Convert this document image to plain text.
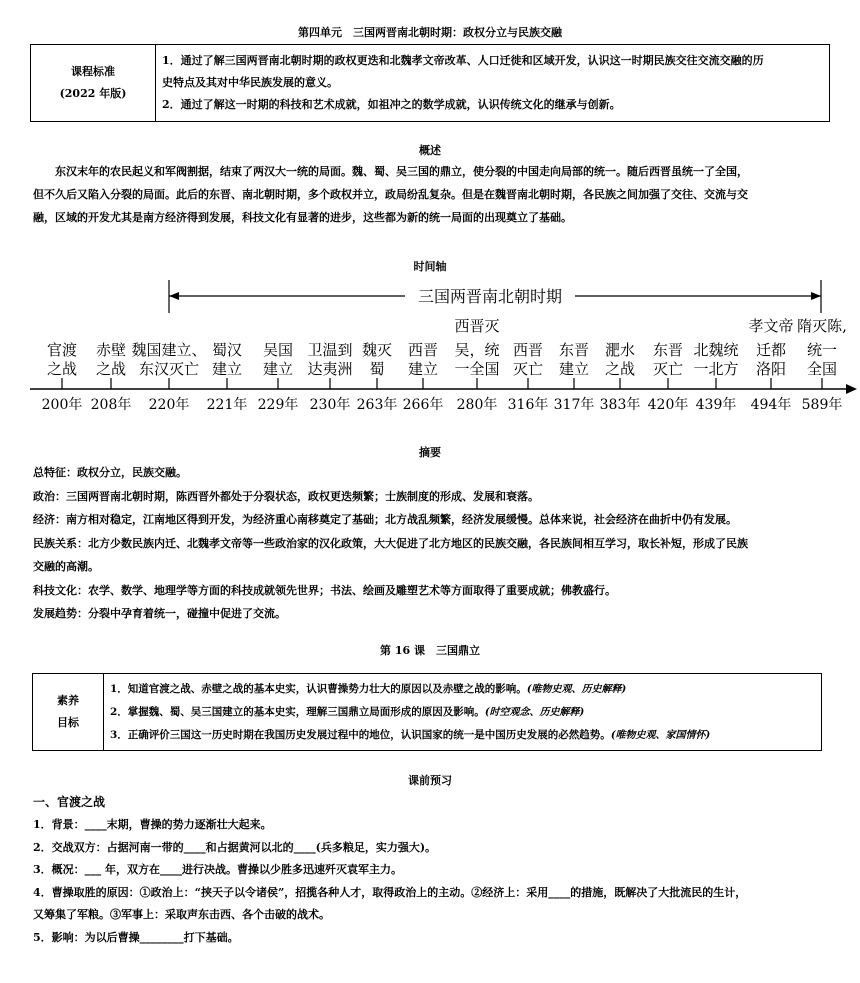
第四单元　三国两晋南北朝时期：政权分立与民族交融
课程标准
(2022 年版)

1．通过了解三国两晋南北朝时期的政权更迭和北魏孝文帝改革、人口迁徙和区域开发，认识这一时期民族交往交流交融的历
史特点及其对中华民族发展的意义。
2．通过了解这一时期的科技和艺术成就，如祖冲之的数学成就，认识传统文化的继承与创新。
概述
东汉末年的农民起义和军阀割据，结束了两汉大一统的局面。魏、蜀、吴三国的鼎立，使分裂的中国走向局部的统一。随后西晋虽统一了全国，
但不久后又陷入分裂的局面。此后的东晋、南北朝时期，多个政权并立，政局纷乱复杂。但是在魏晋南北朝时期，各民族之间加强了交往、交流与交
融，区域的开发尤其是南方经济得到发展，科技文化有显著的进步，这些都为新的统一局面的出现奠立了基础。
时间轴
三国两晋南北朝时期
官渡
之战
200年
赤壁
之战
208年
魏国建立、
东汉灭亡
220年
蜀汉
建立
221年
吴国
建立
229年
卫温到
达夷洲
230年
魏灭
蜀
263年
西晋
建立
266年
西晋灭
吴，统
一全国
280年
西晋
灭亡
316年
东晋
建立
317年
淝水
之战
383年
东晋
灭亡
420年
北魏统
一北方
439年
孝文帝
迁都
洛阳
494年
隋灭陈,
统一
全国
589年
摘要
总特征：政权分立，民族交融。
政治：三国两晋南北朝时期，陈西晋外都处于分裂状态，政权更迭频繁；士族制度的形成、发展和衰落。
经济：南方相对稳定，江南地区得到开发，为经济重心南移奠定了基础；北方战乱频繁，经济发展缓慢。总体来说，社会经济在曲折中仍有发展。
民族关系：北方少数民族内迁、北魏孝文帝等一些政治家的汉化政策，大大促进了北方地区的民族交融，各民族间相互学习，取长补短，形成了民族
交融的高潮。
科技文化：农学、数学、地理学等方面的科技成就领先世界；书法、绘画及雕塑艺术等方面取得了重要成就；佛教盛行。
发展趋势：分裂中孕育着统一，碰撞中促进了交流。
第 16 课　三国鼎立
素养
目标

1．知道官渡之战、赤壁之战的基本史实，认识曹操势力壮大的原因以及赤壁之战的影响。(唯物史观、历史解释)
2．掌握魏、蜀、吴三国建立的基本史实，理解三国鼎立局面形成的原因及影响。(时空观念、历史解释)
3．正确评价三国这一历史时期在我国历史发展过程中的地位，认识国家的统一是中国历史发展的必然趋势。(唯物史观、家国情怀)
课前预习
一、官渡之战
1．背景：____末期，曹操的势力逐渐壮大起来。
2．交战双方：占据河南一带的____和占据黄河以北的____(兵多粮足，实力强大)。
3．概况：___ 年，双方在____进行决战。曹操以少胜多迅速歼灭袁军主力。
4．曹操取胜的原因：①政治上：“挟天子以令诸侯”，招揽各种人才，取得政治上的主动。②经济上：采用____的措施，既解决了大批流民的生计，
又筹集了军粮。③军事上：采取声东击西、各个击破的战术。
5．影响：为以后曹操________打下基础。
